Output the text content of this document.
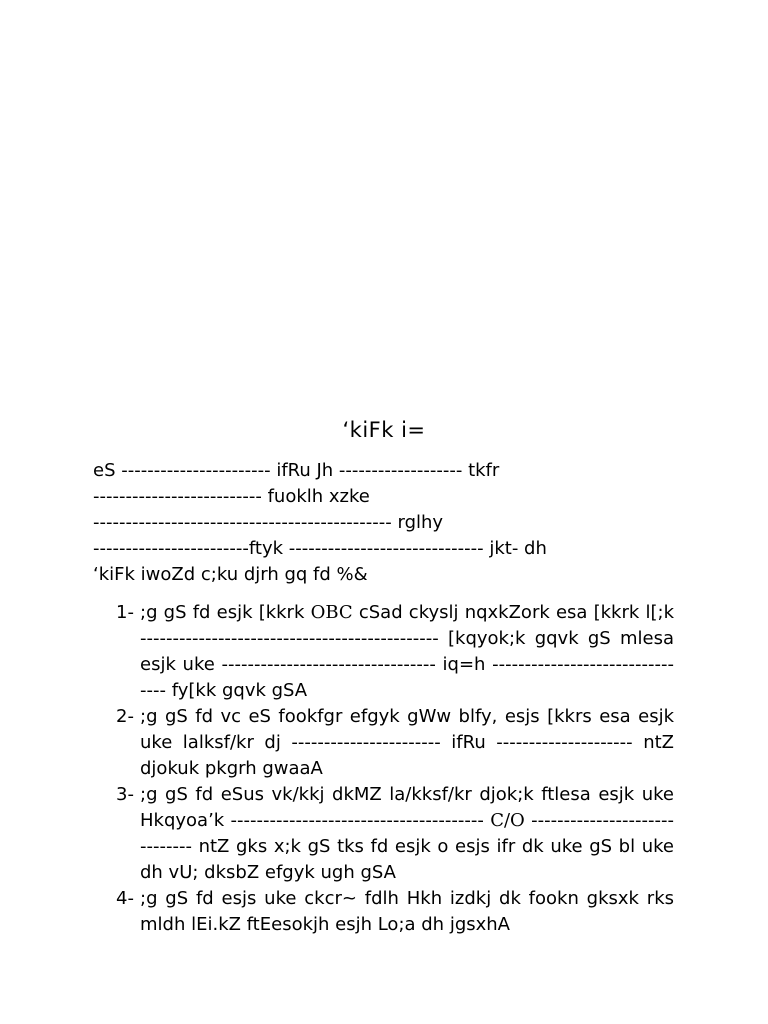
‘kiFk i=
eS ----------------------- ifRu Jh ------------------- tkfr
-------------------------- fuoklh xzke
---------------------------------------------- rglhy
------------------------ftyk ------------------------------ jkt- dh
‘kiFk iwoZd c;ku djrh gq fd %&
1- ;g gS fd esjk [kkrk OBC cSad ckyslj nqxkZork esa [kkrk l[;k ---------------------------------------------- [kqyok;k gqvk gS mlesa esjk uke --------------------------------- iq=h -------------------------------- fy[kk gqvk gSA
2- ;g gS fd vc eS fookfgr efgyk gWw blfy, esjs [kkrs esa esjk uke lalksf/kr dj ----------------------- ifRu --------------------- ntZ djokuk pkgrh gwaaA
3- ;g gS fd eSus vk/kkj dkMZ la/kksf/kr djok;k ftlesa esjk uke Hkqyoa’k --------------------------------------- C/O ------------------------------ ntZ gks x;k gS tks fd esjk o esjs ifr dk uke gS bl uke dh vU; dksbZ efgyk ugh gSA
4- ;g gS fd esjs uke ckcr~ fdlh Hkh izdkj dk fookn gksxk rks mldh lEi.kZ ftEesokjh esjh Lo;a dh jgsxhA
